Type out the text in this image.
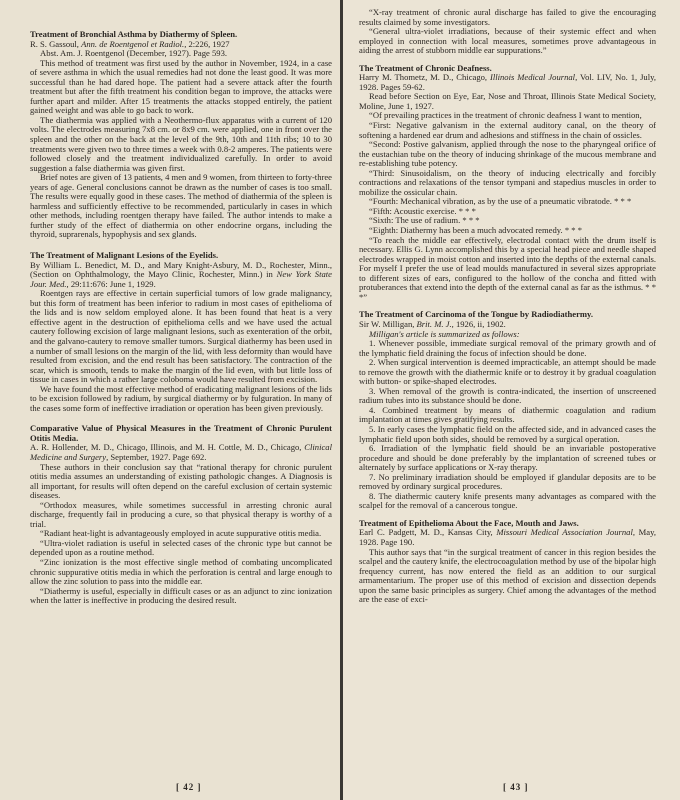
Treatment of Bronchial Asthma by Diathermy of Spleen.
R. S. Gassoul, Ann. de Roentgenol et Radiol., 2:226, 1927

Abst. Am. J. Roentgenol (December, 1927). Page 593.

This method of treatment was first used by the author in November, 1924, in a case of severe asthma in which the usual remedies had not done the least good. It was more successful than he had dared hope. The patient had a severe attack after the fourth treatment but after the fifth treatment his condition began to improve, the attacks were further apart and milder. After 15 treatments the attacks stopped entirely, the patient gained weight and was able to go back to work.

The diathermia was applied with a Neothermo-flux apparatus with a current of 120 volts. The electrodes measuring 7x8 cm. or 8x9 cm. were applied, one in front over the spleen and the other on the back at the level of the 9th, 10th and 11th ribs; 10 to 30 treatments were given two to three times a week with 0.8-2 amperes. The patients were followed closely and the treatment individualized carefully. In order to avoid suggestion a false diathermia was given first.

Brief notes are given of 13 patients, 4 men and 9 women, from thirteen to forty-three years of age. General conclusions cannot be drawn as the number of cases is too small. The results were equally good in these cases. The method of diathermia of the spleen is harmless and sufficiently effective to be recommended, particularly in cases in which other methods, including roentgen therapy have failed. The author intends to make a further study of the effect of diathermia on other endocrine organs, including the thyroid, suprarenals, hypophysis and sex glands.

The Treatment of Malignant Lesions of the Eyelids.
By William L. Benedict, M. D., and Mary Knight-Asbury, M. D., Rochester, Minn., (Section on Ophthalmology, the Mayo Clinic, Rochester, Minn.) in New York State Jour. Med., 29:11:676: June 1, 1929.

Roentgen rays are effective in certain superficial tumors of low grade malignancy, but this form of treatment has been inferior to radium in most cases of epithelioma of the lids and is now seldom employed alone. It has been found that heat is a very effective agent in the destruction of epithelioma cells and we have used the actual cautery following excision of large malignant lesions, such as exenteration of the orbit, and the galvano-cautery to remove smaller tumors. Surgical diathermy has been used in a number of small lesions on the margin of the lid, with less deformity than would have resulted from excision, and the end result has been satisfactory. The contraction of the scar, which is smooth, tends to make the margin of the lid even, with but little loss of tissue in cases in which a rather large coloboma would have resulted from excision.

We have found the most effective method of eradicating malignant lesions of the lids to be excision followed by radium, by surgical diathermy or by fulguration. In many of the cases some form of ineffective irradiation or operation has been given previously.

Comparative Value of Physical Measures in the Treatment of Chronic Purulent Otitis Media.
A. R. Hollender, M. D., Chicago, Illinois, and M. H. Cottle, M. D., Chicago, Clinical Medicine and Surgery, September, 1927. Page 692.

These authors in their conclusion say that “rational therapy for chronic purulent otitis media assumes an understanding of existing pathologic changes. A Diagnosis is all important, for results will often depend on the careful exclusion of certain systemic diseases.

“Orthodox measures, while sometimes successful in arresting chronic aural discharge, frequently fail in producing a cure, so that physical therapy is worthy of a trial.

“Radiant heat-light is advantageously employed in acute suppurative otitis media.

“Ultra-violet radiation is useful in selected cases of the chronic type but cannot be depended upon as a routine method.

“Zinc ionization is the most effective single method of combating uncomplicated chronic suppurative otitis media in which the perforation is central and large enough to allow the zinc solution to pass into the middle ear.

“Diathermy is useful, especially in difficult cases or as an adjunct to zinc ionization when the latter is ineffective in producing the desired result.

[ 42 ]

“X-ray treatment of chronic aural discharge has failed to give the encouraging results claimed by some investigators.

“General ultra-violet irradiations, because of their systemic effect and when employed in connection with local measures, sometimes prove advantageous in aiding the arrest of stubborn middle ear suppurations.”

The Treatment of Chronic Deafness.
Harry M. Thometz, M. D., Chicago, Illinois Medical Journal, Vol. LIV, No. 1, July, 1928. Pages 59-62.

Read before Section on Eye, Ear, Nose and Throat, Illinois State Medical Society, Moline, June 1, 1927.

“Of prevailing practices in the treatment of chronic deafness I want to mention,

“First: Negative galvanism in the external auditory canal, on the theory of softening a hardened ear drum and adhesions and stiffness in the chain of ossicles.

“Second: Postive galvanism, applied through the nose to the pharyngeal orifice of the eustachian tube on the theory of inducing shrinkage of the mucous membrane and re-establishing tube potency.

“Third: Sinusoidalism, on the theory of inducing electrically and forcibly contractions and relaxations of the tensor tympani and stapedius muscles in order to mobilize the ossicular chain.

“Fourth: Mechanical vibration, as by the use of a pneumatic vibratode. * * *

“Fifth: Acoustic exercise. * * *

“Sixth: The use of radium. * * *

“Eighth: Diathermy has been a much advocated remedy. * * *

“To reach the middle ear effectively, electrodal contact with the drum itself is necessary. Ellis G. Lynn accomplished this by a special head piece and needle shaped electrodes wrapped in moist cotton and inserted into the depths of the external canals. For myself I prefer the use of lead moulds manufactured in several sizes appropriate to different sizes of ears, configured to the hollow of the concha and fitted with protuberances that extend into the depth of the external canal as far as the isthmus. * * *”

The Treatment of Carcinoma of the Tongue by Radiodiathermy.
Sir W. Milligan, Brit. M. J., 1926, ii, 1902.

Milligan's article is summarized as follows:

1. Whenever possible, immediate surgical removal of the primary growth and of the lymphatic field draining the focus of infection should be done.

2. When surgical intervention is deemed impracticable, an attempt should be made to remove the growth with the diathermic knife or to destroy it by gradual coagulation with button- or spike-shaped electrodes.

3. When removal of the growth is contra-indicated, the insertion of unscreened radium tubes into its substance should be done.

4. Combined treatment by means of diathermic coagulation and radium implantation at times gives gratifying results.

5. In early cases the lymphatic field on the affected side, and in advanced cases the lymphatic field upon both sides, should be removed by a surgical operation.

6. Irradiation of the lymphatic field should be an invariable postoperative procedure and should be done preferably by the implantation of screened tubes or alternately by surface applications or X-ray therapy.

7. No preliminary irradiation should be employed if glandular deposits are to be removed by ordinary surgical procedures.

8. The diathermic cautery knife presents many advantages as compared with the scalpel for the removal of a cancerous tongue.

Treatment of Epithelioma About the Face, Mouth and Jaws.
Earl C. Padgett, M. D., Kansas City, Missouri Medical Association Journal, May, 1928. Page 190.

This author says that “in the surgical treatment of cancer in this region besides the scalpel and the cautery knife, the electrocoagulation method by use of the bipolar high frequency current, has now entered the field as an addition to our surgical armamentarium. The proper use of this method of excision and dissection depends upon the same basic principles as surgery. Chief among the advantages of the method are the ease of exci-

[ 43 ]
